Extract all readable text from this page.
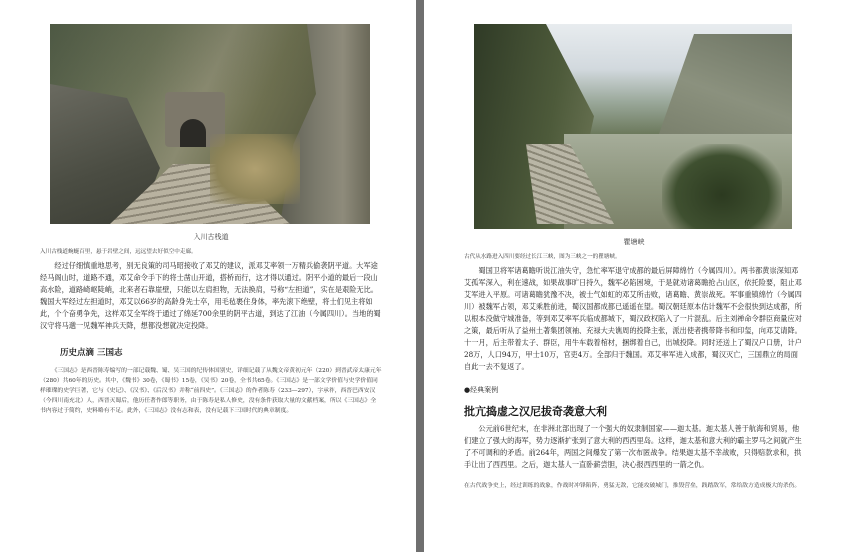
入川古栈道
入川古栈道蜿蜒百里，悬于岩壁之间，远远望去好似空中走廊。

经过仔细慎重地思考，别无良策的司马昭接收了邓艾的建议，派邓艾率领一万精兵偷袭阴平道。大军途经马阁山时，道路不通，邓艾命令手下的将士凿山开道，搭桥而行，这才得以通过。阴平小道的最后一段山高水险，道路崎岖陡峭，北来者石靠崖壁，只能以左肩担物，无法换肩，号称“左担道”，实在是艰险无比。魏国大军经过左担道时，邓艾以66岁的高龄身先士卒，用毛毡裹住身体，率先滚下绝壁，将士们见主将如此，个个奋勇争先，这样邓艾全军终于通过了绵延700余里的阴平古道，到达了江油（今属四川）。当地的蜀汉守将马邈一见魏军神兵天降，想都没想就决定投降。

历史点滴 三国志

《三国志》是西晋陈寿编写的一部记载魏、蜀、吴三国的纪传体国别史，详细记载了从魏文帝黄初元年（220）到晋武帝太康元年（280）共60年的历史。其中，《魏书》30卷，《蜀书》15卷，《吴书》20卷，全书共65卷。《三国志》是一部文学价值与史学价值同样璀璨的史学巨著，它与《史记》、《汉书》、《后汉书》并称“前四史”。《三国志》的作者陈寿（233—297），字承祚，西晋巴西安汉（今四川南充北）人，西晋灭蜀后，他历任著作郎等职务，由于陈寿是私人修史，没有条件获取大量的文献档案，所以《三国志》全书内容过于简约，史料略有不足。此外，《三国志》没有志和表，没有记载下三国时代的典章制度。

瞿塘峡
古代从水路进入四川要经过长江三峡，图为三峡之一的瞿塘峡。

蜀国卫将军诸葛瞻听说江油失守，急忙率军退守成都的最后屏障绵竹（今属四川）。两书都黄崇深知邓艾孤军深入，利在速战，如果战事旷日持久，魏军必陷困境，于是就劝诸葛瞻抢占山区，依托险要，阻止邓艾军进入平原。可诸葛瞻犹豫不决，被士气如虹的邓艾所击败，诸葛瞻、黄崇战死。军事重镇绵竹（今属四川）被魏军占领，邓艾乘胜前进，蜀汉国都成都已遥遥在望。蜀汉朝廷原本估计魏军不会很快到达成都，所以根本没做守城准备，等到邓艾率军兵临成都城下，蜀汉政权陷入了一片混乱。后主刘禅命令群臣商量应对之策，最后听从了益州土著集团领袖、充禄大夫谯周的投降主张，派出使者携带降书和印玺，向邓艾请降。十一月，后主带着太子、群臣，用牛车载着棺材，捆绑着自己，出城投降。同时还送上了蜀汉户口册，计户28万，人口94万，甲士10万，官吏4万。全部归于魏国。邓艾率军进入成都，蜀汉灭亡，三国鼎立的局面自此一去不复返了。

●经典案例
批亢捣虚之汉尼拔奇袭意大利

公元前6世纪末，在非洲北部出现了一个强大的奴隶制国家——迦太基。迦太基人善于航海和贸易，他们建立了强大的海军，势力逐渐扩张到了意大利的西西里岛。这样，迦太基和意大利的霸主罗马之间就产生了不可调和的矛盾。前264年，两国之间爆发了第一次布匿战争。结果迦太基不幸战败，只得赔款求和，拱手让出了西西里。之后，迦太基人一直卧薪尝胆，决心报西西里的一箭之仇。

在古代战争史上，经过训练的战象，作战时冲锋陷阵，勇猛无敌，它能攻破城门，推毁营垒，践踏敌军，常给敌方造成极大的杀伤。
